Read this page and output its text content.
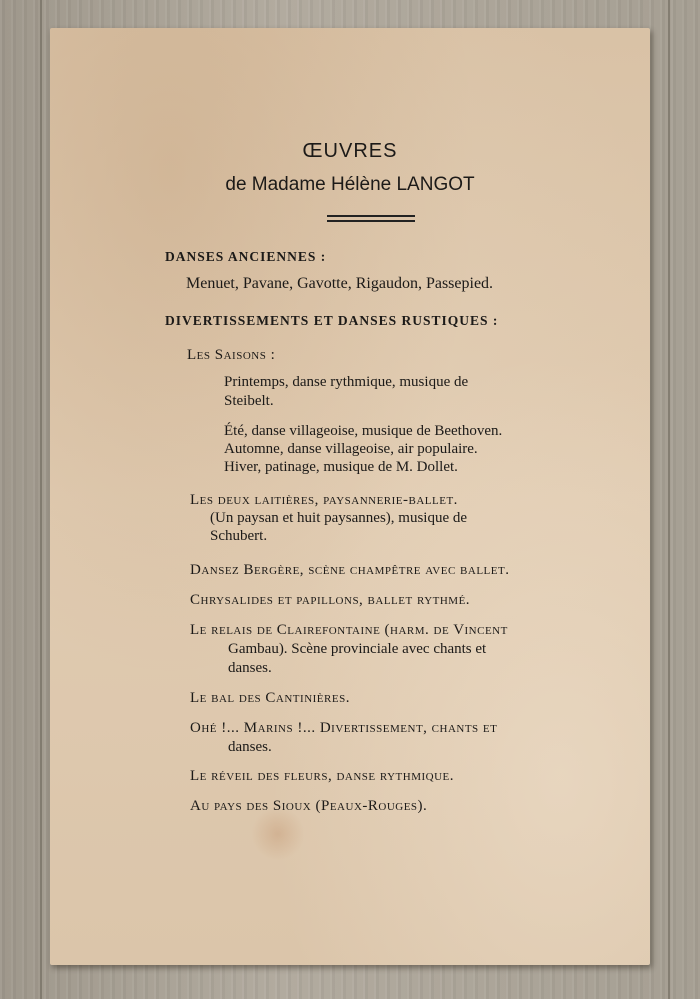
ŒUVRES
de Madame Hélène LANGOT
DANSES ANCIENNES :
Menuet, Pavane, Gavotte, Rigaudon, Passepied.
DIVERTISSEMENTS ET DANSES RUSTIQUES :
Les Saisons :
Printemps, danse rythmique, musique de
Steibelt.
Été, danse villageoise, musique de Beethoven.
Automne, danse villageoise, air populaire.
Hiver, patinage, musique de M. Dollet.
Les deux laitières, paysannerie-ballet.
(Un paysan et huit paysannes), musique de
Schubert.
Dansez Bergère, scène champêtre avec ballet.
Chrysalides et papillons, ballet rythmé.
Le relais de Clairefontaine (harm. de Vincent
Gambau). Scène provinciale avec chants et
danses.
Le bal des Cantinières.
Ohé !... Marins !... Divertissement, chants et
danses.
Le réveil des fleurs, danse rythmique.
Au pays des Sioux (Peaux-Rouges).
